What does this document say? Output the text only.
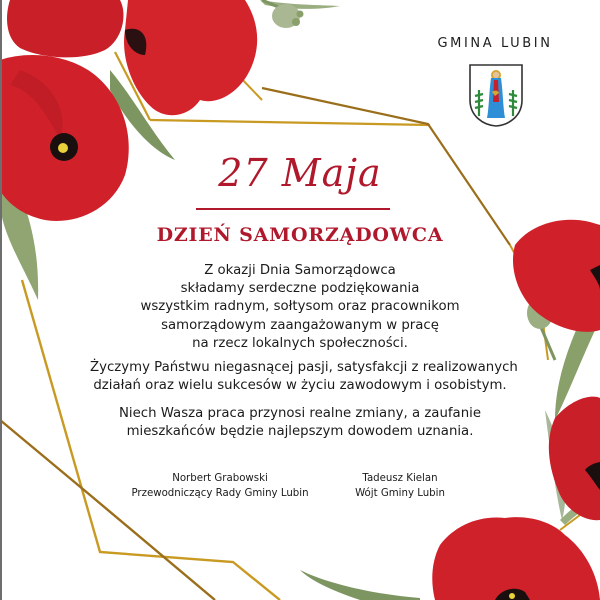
GMINA LUBIN
27 Maja
DZIEŃ SAMORZĄDOWCA
Z okazji Dnia Samorządowca
składamy serdeczne podziękowania
wszystkim radnym, sołtysom oraz pracownikom
samorządowym zaangażowanym w pracę
na rzecz lokalnych społeczności.
Życzymy Państwu niegasnącej pasji, satysfakcji z realizowanych
działań oraz wielu sukcesów w życiu zawodowym i osobistym.
Niech Wasza praca przynosi realne zmiany, a zaufanie
mieszkańców będzie najlepszym dowodem uznania.
Norbert Grabowski
Przewodniczący Rady Gminy Lubin
Tadeusz Kielan
Wójt Gminy Lubin
